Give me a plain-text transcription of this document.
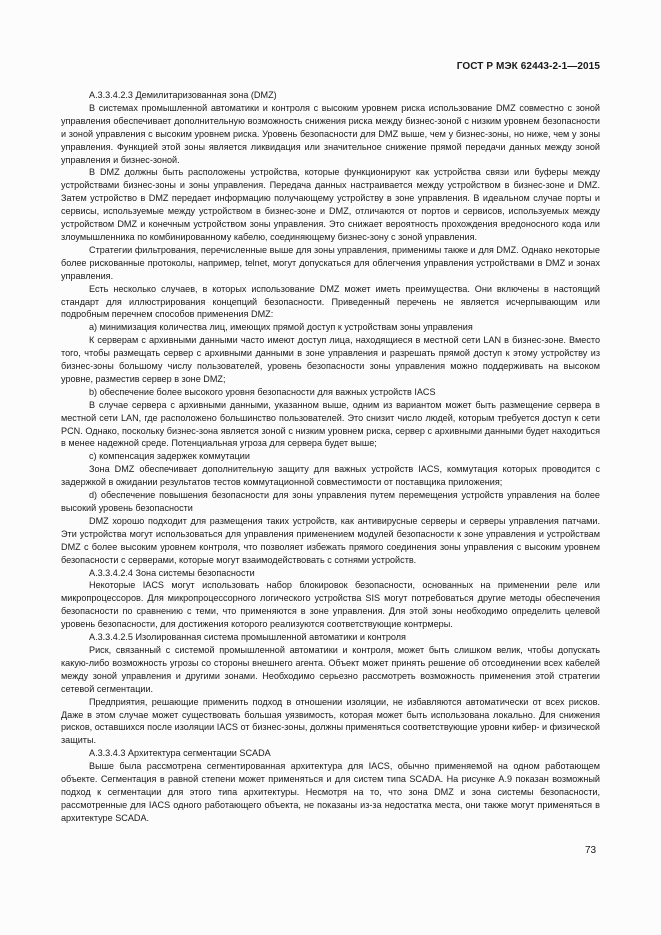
ГОСТ Р МЭК 62443-2-1—2015

A.3.3.4.2.3 Демилитаризованная зона (DMZ)

В системах промышленной автоматики и контроля с высоким уровнем риска использование DMZ совместно с зоной управления обеспечивает дополнительную возможность снижения риска между бизнес-зоной с низким уровнем безопасности и зоной управления с высоким уровнем риска. Уровень безопасности для DMZ выше, чем у бизнес-зоны, но ниже, чем у зоны управления. Функцией этой зоны является ликвидация или значительное снижение прямой передачи данных между зоной управления и бизнес-зоной.

В DMZ должны быть расположены устройства, которые функционируют как устройства связи или буферы между устройствами бизнес-зоны и зоны управления. Передача данных настраивается между устройством в бизнес-зоне и DMZ. Затем устройство в DMZ передает информацию получающему устройству в зоне управления. В идеальном случае порты и сервисы, используемые между устройством в бизнес-зоне и DMZ, отличаются от портов и сервисов, используемых между устройством DMZ и конечным устройством зоны управления. Это снижает вероятность прохождения вредоносного кода или злоумышленника по комбинированному кабелю, соединяющему бизнес-зону с зоной управления.

Стратегии фильтрования, перечисленные выше для зоны управления, применимы также и для DMZ. Однако некоторые более рискованные протоколы, например, telnet, могут допускаться для облегчения управления устройствами в DMZ и зонах управления.

Есть несколько случаев, в которых использование DMZ может иметь преимущества. Они включены в настоящий стандарт для иллюстрирования концепций безопасности. Приведенный перечень не является исчерпывающим или подробным перечнем способов применения DMZ:

а) минимизация количества лиц, имеющих прямой доступ к устройствам зоны управления

К серверам с архивными данными часто имеют доступ лица, находящиеся в местной сети LAN в бизнес-зоне. Вместо того, чтобы размещать сервер с архивными данными в зоне управления и разрешать прямой доступ к этому устройству из бизнес-зоны большому числу пользователей, уровень безопасности зоны управления можно поддерживать на высоком уровне, разместив сервер в зоне DMZ;

b) обеспечение более высокого уровня безопасности для важных устройств IACS

В случае сервера с архивными данными, указанном выше, одним из вариантом может быть размещение сервера в местной сети LAN, где расположено большинство пользователей. Это снизит число людей, которым требуется доступ к сети PCN. Однако, поскольку бизнес-зона является зоной с низким уровнем риска, сервер с архивными данными будет находиться в менее надежной среде. Потенциальная угроза для сервера будет выше;

c) компенсация задержек коммутации

Зона DMZ обеспечивает дополнительную защиту для важных устройств IACS, коммутация которых проводится с задержкой в ожидании результатов тестов коммутационной совместимости от поставщика приложения;

d) обеспечение повышения безопасности для зоны управления путем перемещения устройств управления на более высокий уровень безопасности

DMZ хорошо подходит для размещения таких устройств, как антивирусные серверы и серверы управления патчами. Эти устройства могут использоваться для управления применением модулей безопасности к зоне управления и устройствам DMZ с более высоким уровнем контроля, что позволяет избежать прямого соединения зоны управления с высоким уровнем безопасности с серверами, которые могут взаимодействовать с сотнями устройств.

A.3.3.4.2.4 Зона системы безопасности

Некоторые IACS могут использовать набор блокировок безопасности, основанных на применении реле или микропроцессоров. Для микропроцессорного логического устройства SIS могут потребоваться другие методы обеспечения безопасности по сравнению с теми, что применяются в зоне управления. Для этой зоны необходимо определить целевой уровень безопасности, для достижения которого реализуются соответствующие контрмеры.

A.3.3.4.2.5 Изолированная система промышленной автоматики и контроля

Риск, связанный с системой промышленной автоматики и контроля, может быть слишком велик, чтобы допускать какую-либо возможность угрозы со стороны внешнего агента. Объект может принять решение об отсоединении всех кабелей между зоной управления и другими зонами. Необходимо серьезно рассмотреть возможность применения этой стратегии сетевой сегментации.

Предприятия, решающие применить подход в отношении изоляции, не избавляются автоматически от всех рисков. Даже в этом случае может существовать большая уязвимость, которая может быть использована локально. Для снижения рисков, оставшихся после изоляции IACS от бизнес-зоны, должны применяться соответствующие уровни кибер- и физической защиты.

A.3.3.4.3 Архитектура сегментации SCADA

Выше была рассмотрена сегментированная архитектура для IACS, обычно применяемой на одном работающем объекте. Сегментация в равной степени может применяться и для систем типа SCADA. На рисунке А.9 показан возможный подход к сегментации для этого типа архитектуры. Несмотря на то, что зона DMZ и зона системы безопасности, рассмотренные для IACS одного работающего объекта, не показаны из-за недостатка места, они также могут применяться в архитектуре SCADA.

73
